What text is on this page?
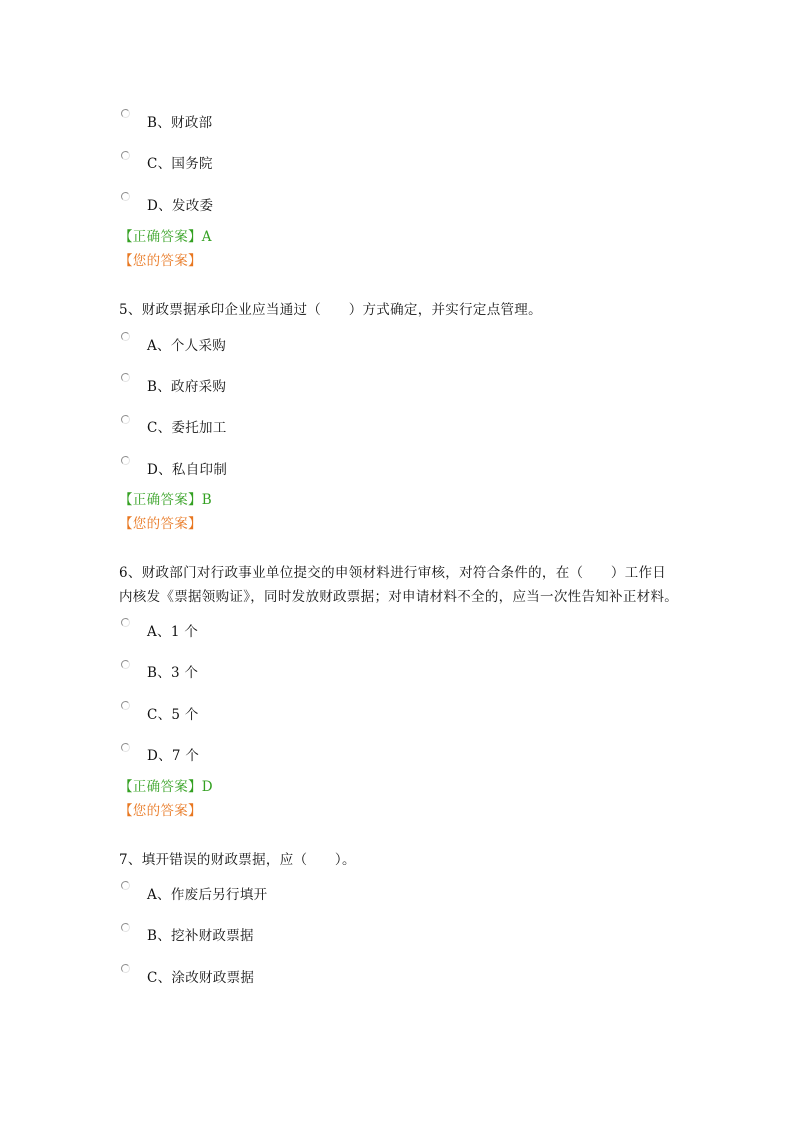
B、财政部
C、国务院
D、发改委
【正确答案】A
【您的答案】
5、财政票据承印企业应当通过（　　）方式确定，并实行定点管理。
A、个人采购
B、政府采购
C、委托加工
D、私自印制
【正确答案】B
【您的答案】
6、财政部门对行政事业单位提交的申领材料进行审核，对符合条件的，在（　　）工作日
内核发《票据领购证》，同时发放财政票据；对申请材料不全的，应当一次性告知补正材料。
A、1 个
B、3 个
C、5 个
D、7 个
【正确答案】D
【您的答案】
7、填开错误的财政票据，应（　　）。
A、作废后另行填开
B、挖补财政票据
C、涂改财政票据
